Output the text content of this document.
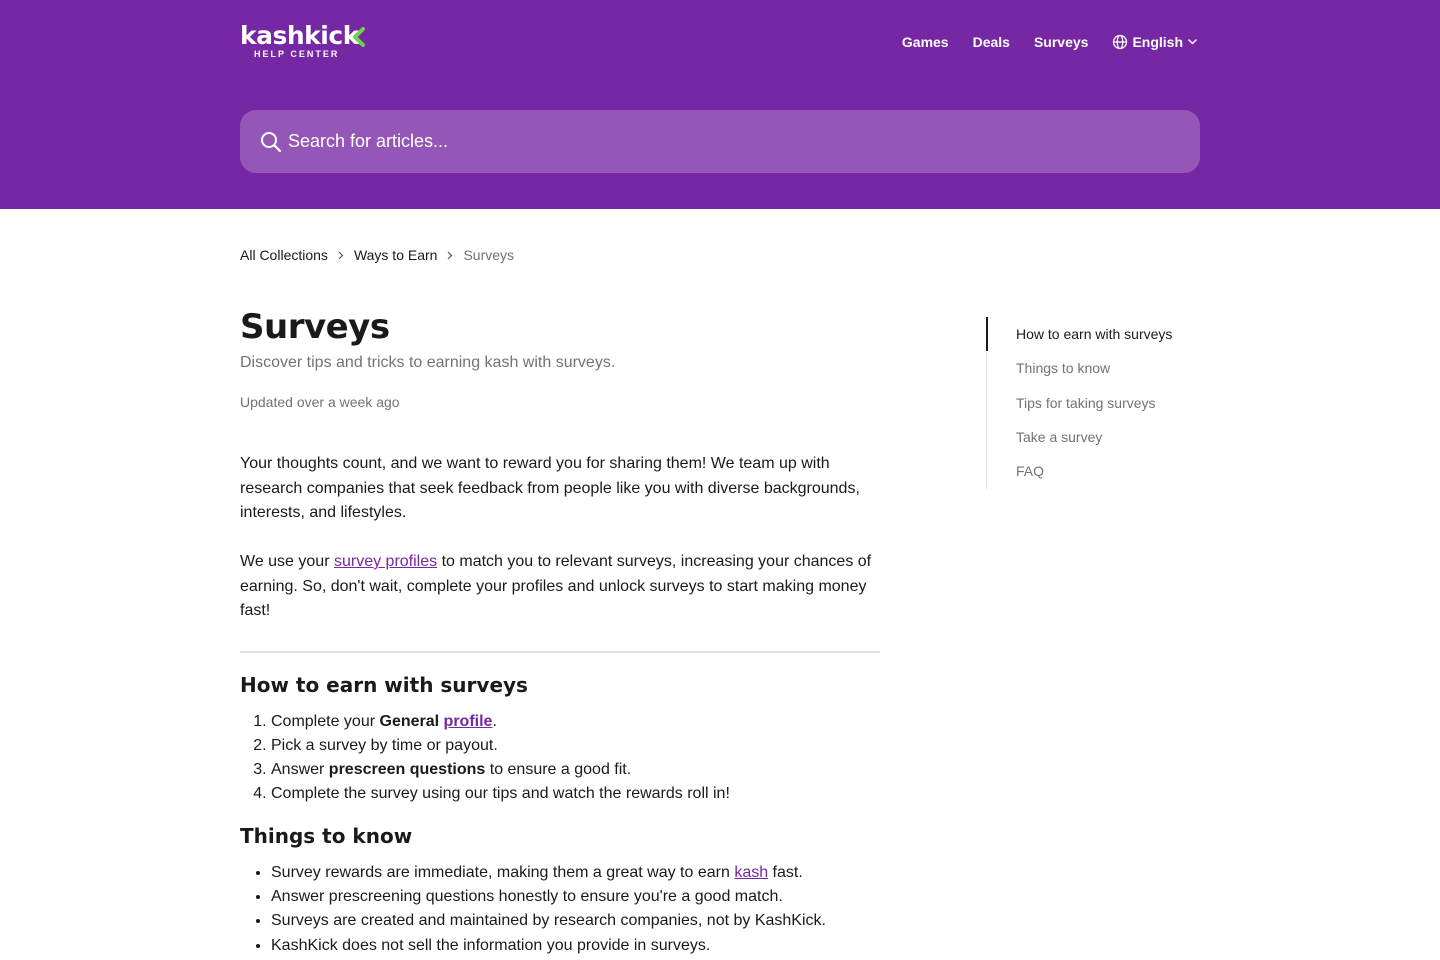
kashkick
HELP CENTER
Games Deals Surveys	English
Search for articles...
All Collections Ways to Earn Surveys
Surveys
Discover tips and tricks to earning kash with surveys.
Updated over a week ago

Your thoughts count, and we want to reward you for sharing them! We team up with research companies that seek feedback from people like you with diverse backgrounds, interests, and lifestyles.

We use your survey profiles to match you to relevant surveys, increasing your chances of earning. So, don't wait, complete your profiles and unlock surveys to start making money fast!

How to earn with surveys
1. Complete your General profile.
2. Pick a survey by time or payout.
3. Answer prescreen questions to ensure a good fit.
4. Complete the survey using our tips and watch the rewards roll in!
Things to know
• Survey rewards are immediate, making them a great way to earn kash fast.
• Answer prescreening questions honestly to ensure you're a good match.
• Surveys are created and maintained by research companies, not by KashKick.
• KashKick does not sell the information you provide in surveys.
How to earn with surveys
Things to know
Tips for taking surveys
Take a survey
FAQ
